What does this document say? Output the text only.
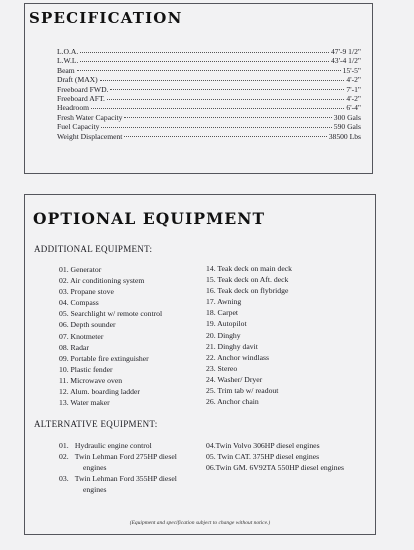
SPECIFICATION
L.O.A.	47'-9 1/2"
L.W.L.	43'-4 1/2"
Beam	15'-5"
Draft (MAX)	4'-2"
Freeboard FWD.	7'-1"
Freeboard AFT.	4'-2"
Headroom	6'-4"
Fresh Water Capacity	300 Gals
Fuel Capacity	590 Gals
Weight Displacement	38500 Lbs
OPTIONAL EQUIPMENT
ADDITIONAL EQUIPMENT:
01. Generator
02. Air conditioning system
03. Propane stove
04. Compass
05. Searchlight w/ remote control
06. Depth sounder
07. Knotmeter
08. Radar
09. Portable fire extinguisher
10. Plastic fender
11. Microwave oven
12. Alum. boarding ladder
13. Water maker
14. Teak deck on main deck
15. Teak deck on Aft. deck
16. Teak deck on flybridge
17. Awning
18. Carpet
19. Autopilot
20. Dinghy
21. Dinghy davit
22. Anchor windlass
23. Stereo
24. Washer/ Dryer
25. Trim tab w/ readout
26. Anchor chain
ALTERNATIVE EQUIPMENT:
01. Hydraulic engine control
02. Twin Lehman Ford 275HP diesel
engines
03. Twin Lehman Ford 355HP diesel
engines
04.Twin Volvo 306HP diesel engines
05. Twin CAT. 375HP diesel engines
06.Twin GM. 6V92TA 550HP diesel engines
(Equipment and specification subject to change without notice.)
